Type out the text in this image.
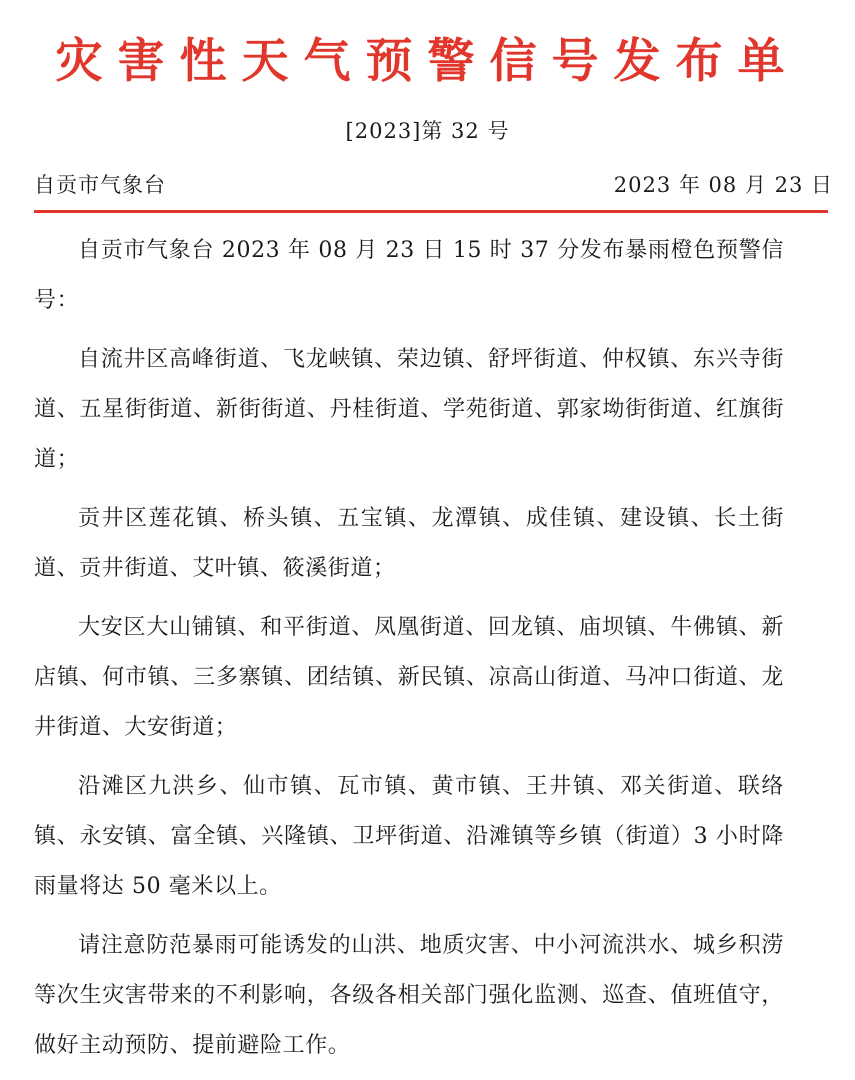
灾害性天气预警信号发布单
[2023]第 32 号
自贡市气象台	2023 年 08 月 23 日

自贡市气象台 2023 年 08 月 23 日 15 时 37 分发布暴雨橙色预警信号：

自流井区高峰街道、飞龙峡镇、荣边镇、舒坪街道、仲权镇、东兴寺街道、五星街街道、新街街道、丹桂街道、学苑街道、郭家坳街街道、红旗街道；

贡井区莲花镇、桥头镇、五宝镇、龙潭镇、成佳镇、建设镇、长土街道、贡井街道、艾叶镇、筱溪街道；

大安区大山铺镇、和平街道、凤凰街道、回龙镇、庙坝镇、牛佛镇、新店镇、何市镇、三多寨镇、团结镇、新民镇、凉高山街道、马冲口街道、龙井街道、大安街道；

沿滩区九洪乡、仙市镇、瓦市镇、黄市镇、王井镇、邓关街道、联络镇、永安镇、富全镇、兴隆镇、卫坪街道、沿滩镇等乡镇（街道）3 小时降雨量将达 50 毫米以上。

请注意防范暴雨可能诱发的山洪、地质灾害、中小河流洪水、城乡积涝等次生灾害带来的不利影响，各级各相关部门强化监测、巡查、值班值守，做好主动预防、提前避险工作。
